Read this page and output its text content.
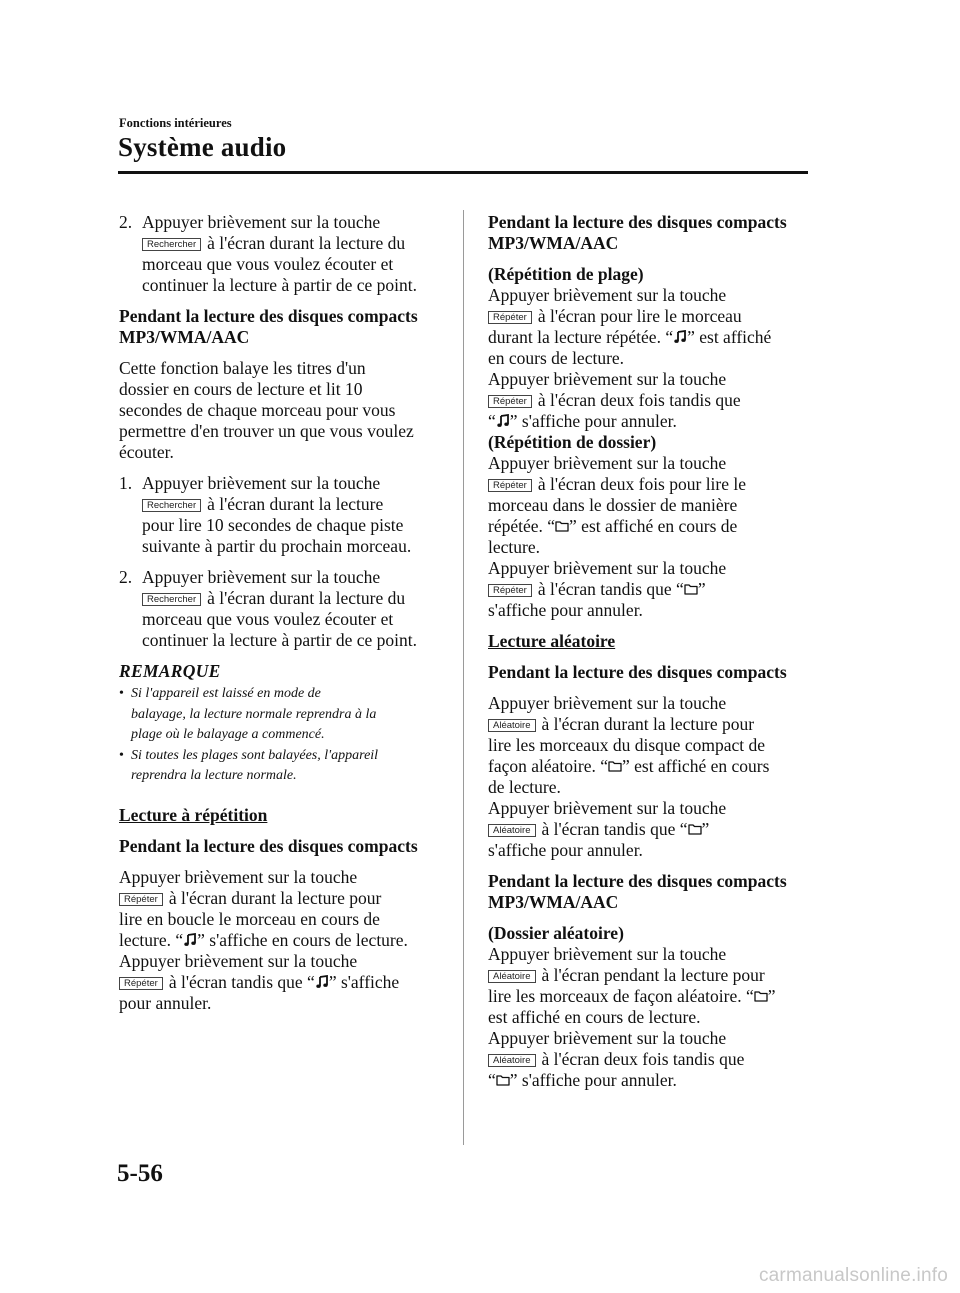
Fonctions intérieures
Système audio
2. Appuyer brièvement sur la touche
Rechercher à l'écran durant la lecture du
morceau que vous voulez écouter et
continuer la lecture à partir de ce point.

Pendant la lecture des disques compacts

MP3/WMA/AAC

Cette fonction balaye les titres d'un

dossier en cours de lecture et lit 10

secondes de chaque morceau pour vous

permettre d'en trouver un que vous voulez

écouter.

1. Appuyer brièvement sur la touche
Rechercher à l'écran durant la lecture
pour lire 10 secondes de chaque piste
suivante à partir du prochain morceau.
2. Appuyer brièvement sur la touche
Rechercher à l'écran durant la lecture du
morceau que vous voulez écouter et
continuer la lecture à partir de ce point.

REMARQUE

• Si l'appareil est laissé en mode de
balayage, la lecture normale reprendra à la
plage où le balayage a commencé.
• Si toutes les plages sont balayées, l'appareil
reprendra la lecture normale.

Lecture à répétition

Pendant la lecture des disques compacts

Appuyer brièvement sur la touche

Répéter à l'écran durant la lecture pour

lire en boucle le morceau en cours de

lecture. “ ” s'affiche en cours de lecture.

Appuyer brièvement sur la touche

Répéter à l'écran tandis que “ ” s'affiche

pour annuler.

Pendant la lecture des disques compacts

MP3/WMA/AAC

(Répétition de plage)

Appuyer brièvement sur la touche

Répéter à l'écran pour lire le morceau

durant la lecture répétée. “ ” est affiché

en cours de lecture.

Appuyer brièvement sur la touche

Répéter à l'écran deux fois tandis que

“ ” s'affiche pour annuler.

(Répétition de dossier)

Appuyer brièvement sur la touche

Répéter à l'écran deux fois pour lire le

morceau dans le dossier de manière

répétée. “ ” est affiché en cours de

lecture.

Appuyer brièvement sur la touche

Répéter à l'écran tandis que “ ”

s'affiche pour annuler.

Lecture aléatoire

Pendant la lecture des disques compacts

Appuyer brièvement sur la touche

Aléatoire à l'écran durant la lecture pour

lire les morceaux du disque compact de

façon aléatoire. “ ” est affiché en cours

de lecture.

Appuyer brièvement sur la touche

Aléatoire à l'écran tandis que “ ”

s'affiche pour annuler.

Pendant la lecture des disques compacts

MP3/WMA/AAC

(Dossier aléatoire)

Appuyer brièvement sur la touche

Aléatoire à l'écran pendant la lecture pour

lire les morceaux de façon aléatoire. “ ”

est affiché en cours de lecture.

Appuyer brièvement sur la touche

Aléatoire à l'écran deux fois tandis que

“ ” s'affiche pour annuler.

5-56
carmanualsonline.info
